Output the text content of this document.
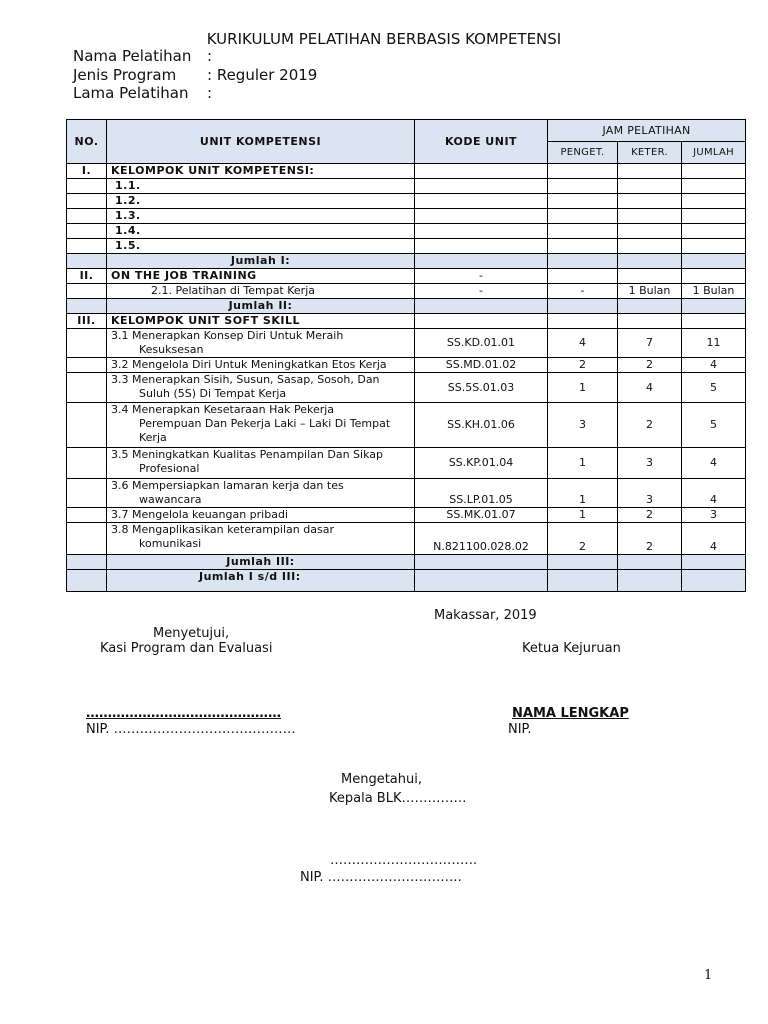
KURIKULUM PELATIHAN BERBASIS KOMPETENSI
Nama Pelatihan :
Jenis Program : Reguler 2019
Lama Pelatihan :
NO.	UNIT KOMPETENSI	KODE UNIT	JAM PELATIHAN		
			PENGET.	KETER.	JUMLAH
I.	KELOMPOK UNIT KOMPETENSI:				
	1.1.				
	1.2.				
	1.3.				
	1.4.				
	1.5.				
	Jumlah I:				
II.	ON THE JOB TRAINING	-			
	2.1. Pelatihan di Tempat Kerja	-	-	1 Bulan	1 Bulan
	Jumlah II:				
III.	KELOMPOK UNIT SOFT SKILL				

	3.1 Menerapkan Konsep Diri Untuk Meraih
Kesuksesan	SS.KD.01.01	4	7	11
	3.2 Mengelola Diri Untuk Meningkatkan Etos Kerja	SS.MD.01.02	2	2	4

	3.3 Menerapkan Sisih, Susun, Sasap, Sosoh, Dan
Suluh (5S) Di Tempat Kerja	SS.5S.01.03	1	4	5

	3.4 Menerapkan Kesetaraan Hak Pekerja
Perempuan Dan Pekerja Laki – Laki Di Tempat
Kerja	SS.KH.01.06	3	2	5

	3.5 Meningkatkan Kualitas Penampilan Dan Sikap
Profesional	SS.KP.01.04	1	3	4

	3.6 Mempersiapkan lamaran kerja dan tes
wawancara	SS.LP.01.05	1	3	4
	3.7 Mengelola keuangan pribadi	SS.MK.01.07	1	2	3

	3.8 Mengaplikasikan keterampilan dasar
komunikasi	N.821100.028.02	2	2	4
	Jumlah III:				
	Jumlah I s/d III:				
Makassar, 2019
Menyetujui,
Kasi Program dan Evaluasi	Ketua Kejuruan
………………………………………
NIP. ……………………………………
NAMA LENGKAP
NIP.
Mengetahui,
Kepala BLK……………
…………………………….
NIP. ………………………….
1
